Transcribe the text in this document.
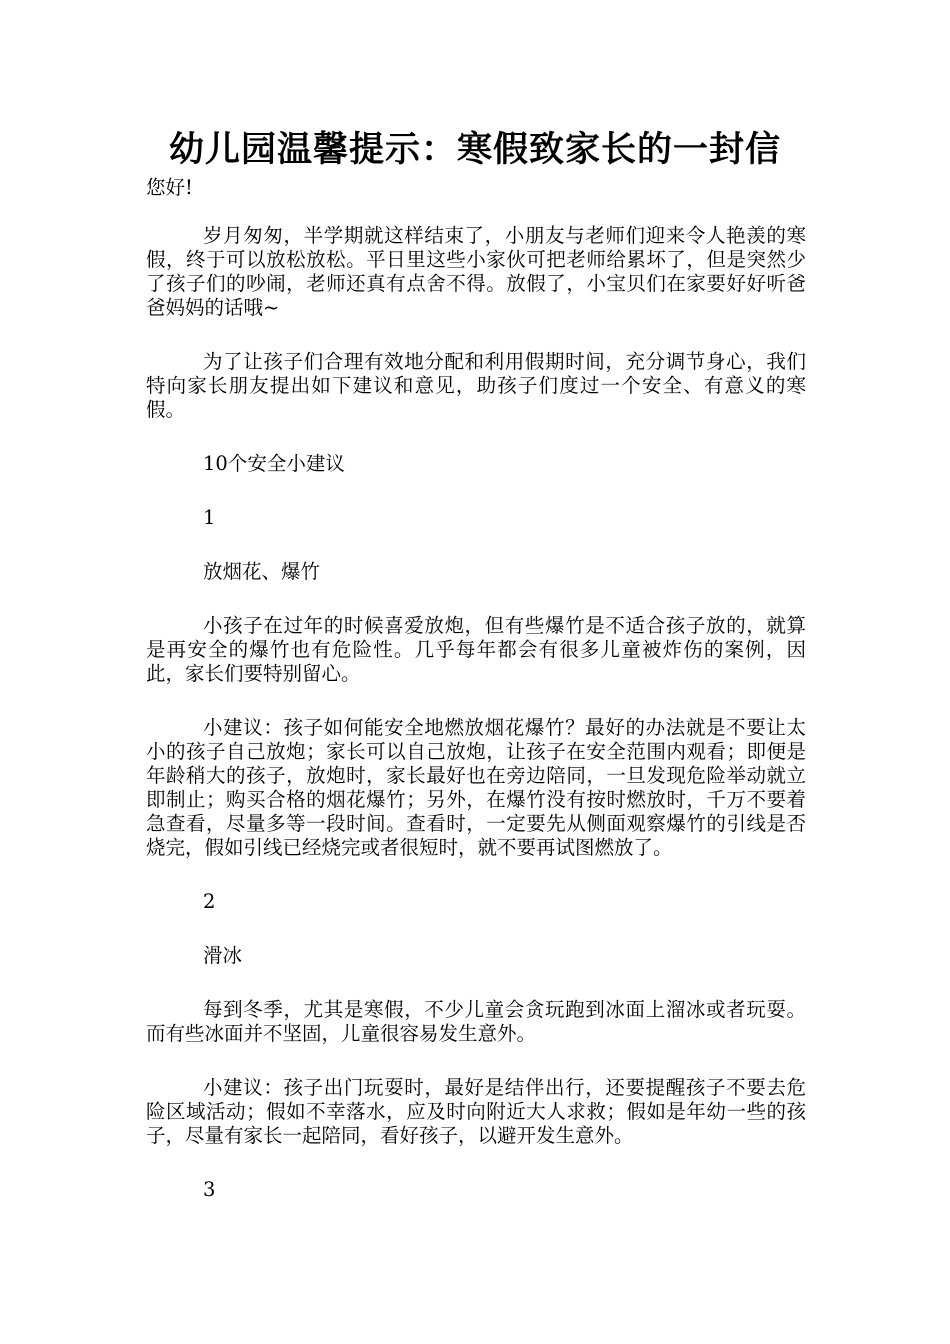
幼儿园温馨提示：寒假致家长的一封信
您好!

岁月匆匆，半学期就这样结束了，小朋友与老师们迎来令人艳羡的寒假，终于可以放松放松。平日里这些小家伙可把老师给累坏了，但是突然少了孩子们的吵闹，老师还真有点舍不得。放假了，小宝贝们在家要好好听爸爸妈妈的话哦~

为了让孩子们合理有效地分配和利用假期时间，充分调节身心，我们特向家长朋友提出如下建议和意见，助孩子们度过一个安全、有意义的寒假。

10个安全小建议

1

放烟花、爆竹

小孩子在过年的时候喜爱放炮，但有些爆竹是不适合孩子放的，就算是再安全的爆竹也有危险性。几乎每年都会有很多儿童被炸伤的案例，因此，家长们要特别留心。

小建议：孩子如何能安全地燃放烟花爆竹？最好的办法就是不要让太小的孩子自己放炮；家长可以自己放炮，让孩子在安全范围内观看；即便是年龄稍大的孩子，放炮时，家长最好也在旁边陪同，一旦发现危险举动就立即制止；购买合格的烟花爆竹；另外，在爆竹没有按时燃放时，千万不要着急查看，尽量多等一段时间。查看时，一定要先从侧面观察爆竹的引线是否烧完，假如引线已经烧完或者很短时，就不要再试图燃放了。

2

滑冰

每到冬季，尤其是寒假，不少儿童会贪玩跑到冰面上溜冰或者玩耍。而有些冰面并不坚固，儿童很容易发生意外。

小建议：孩子出门玩耍时，最好是结伴出行，还要提醒孩子不要去危险区域活动；假如不幸落水，应及时向附近大人求救；假如是年幼一些的孩子，尽量有家长一起陪同，看好孩子，以避开发生意外。

3
